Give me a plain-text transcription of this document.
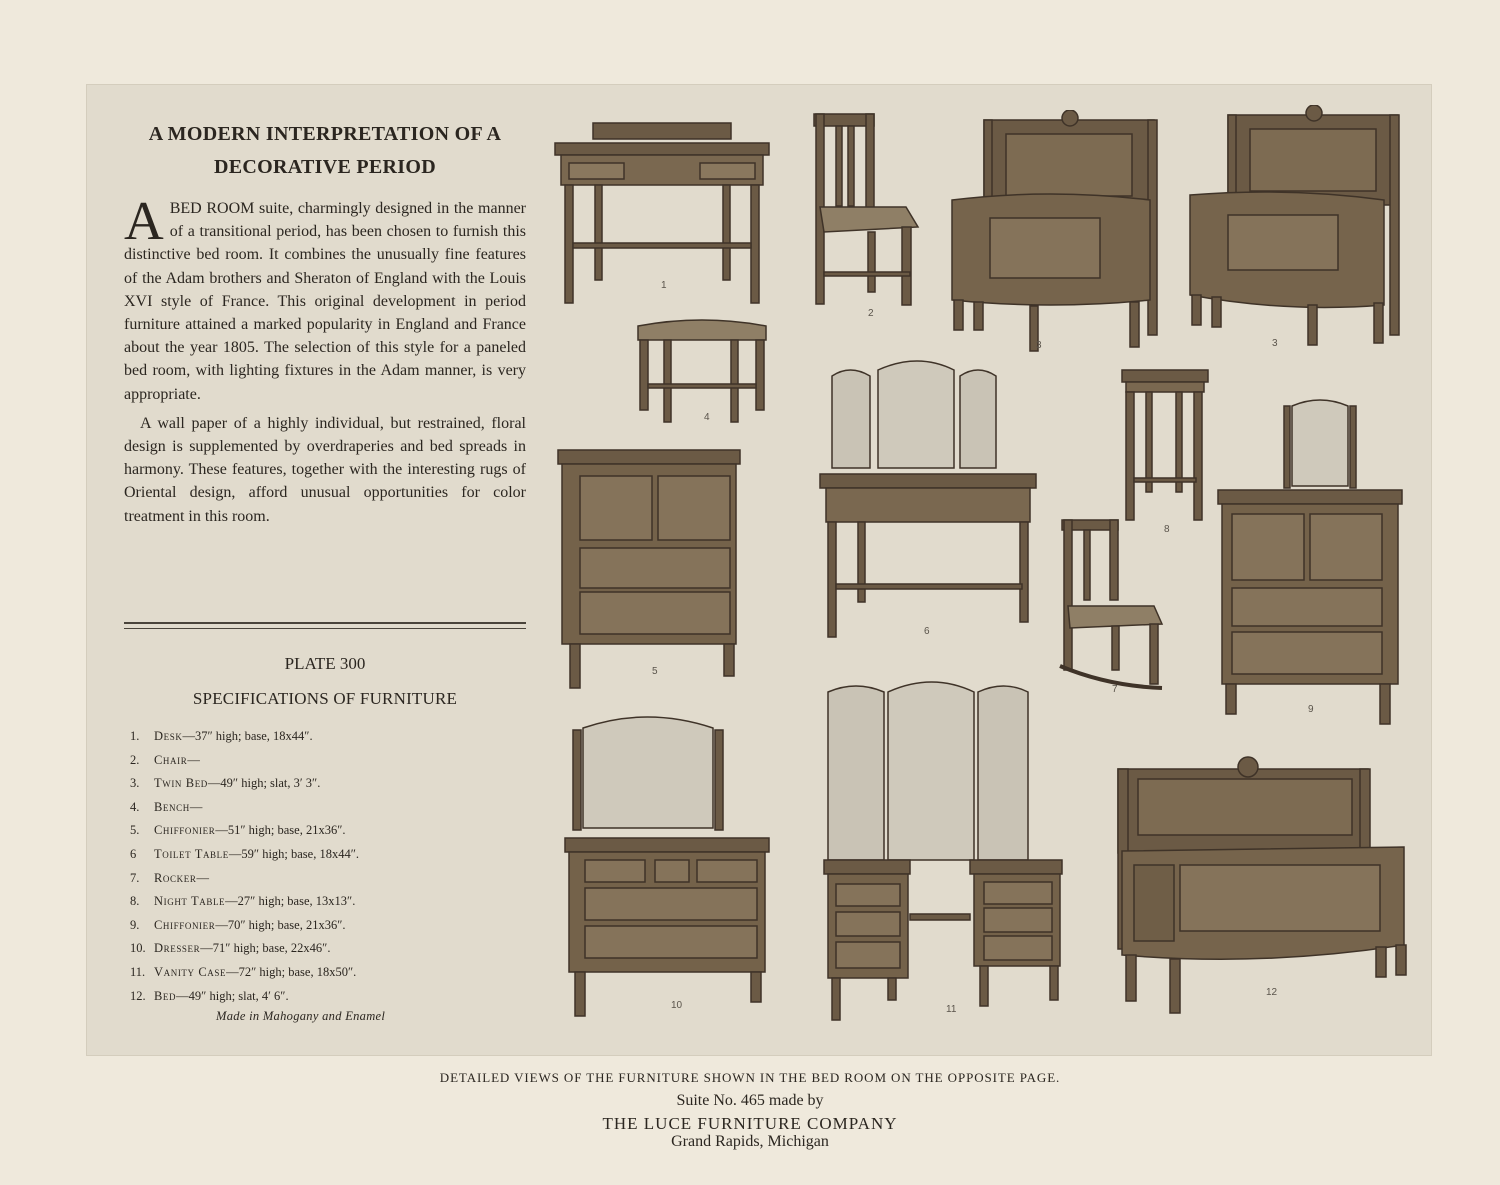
A MODERN INTERPRETATION OF A
DECORATIVE PERIOD

ABED ROOM suite, charmingly designed in the manner of a transitional period, has been chosen to furnish this distinctive bed room. It combines the unusually fine features of the Adam brothers and Sheraton of England with the Louis XVI style of France. This original development in period furniture attained a marked popularity in England and France about the year 1805. The selection of this style for a paneled bed room, with lighting fixtures in the Adam manner, is very appropriate.

A wall paper of a highly individual, but restrained, floral design is supplemented by overdraperies and bed spreads in harmony. These features, together with the interesting rugs of Oriental design, afford unusual opportunities for color treatment in this room.

PLATE 300
SPECIFICATIONS OF FURNITURE
1. Desk—37″ high; base, 18x44″.
2. Chair—
3. Twin Bed—49″ high; slat, 3′ 3″.
4. Bench—
5. Chiffonier—51″ high; base, 21x36″.
6 Toilet Table—59″ high; base, 18x44″.
7. Rocker—
8. Night Table—27″ high; base, 13x13″.
9. Chiffonier—70″ high; base, 21x36″.
10. Dresser—71″ high; base, 22x46″.
11. Vanity Case—72″ high; base, 18x50″.
12. Bed—49″ high; slat, 4′ 6″.
Made in Mahogany and Enamel
1
2
3	3
4
5
6
7
8
9
10	11
12
DETAILED VIEWS OF THE FURNITURE SHOWN IN THE BED ROOM ON THE OPPOSITE PAGE.
Suite No. 465 made by
THE LUCE FURNITURE COMPANY
Grand Rapids, Michigan
